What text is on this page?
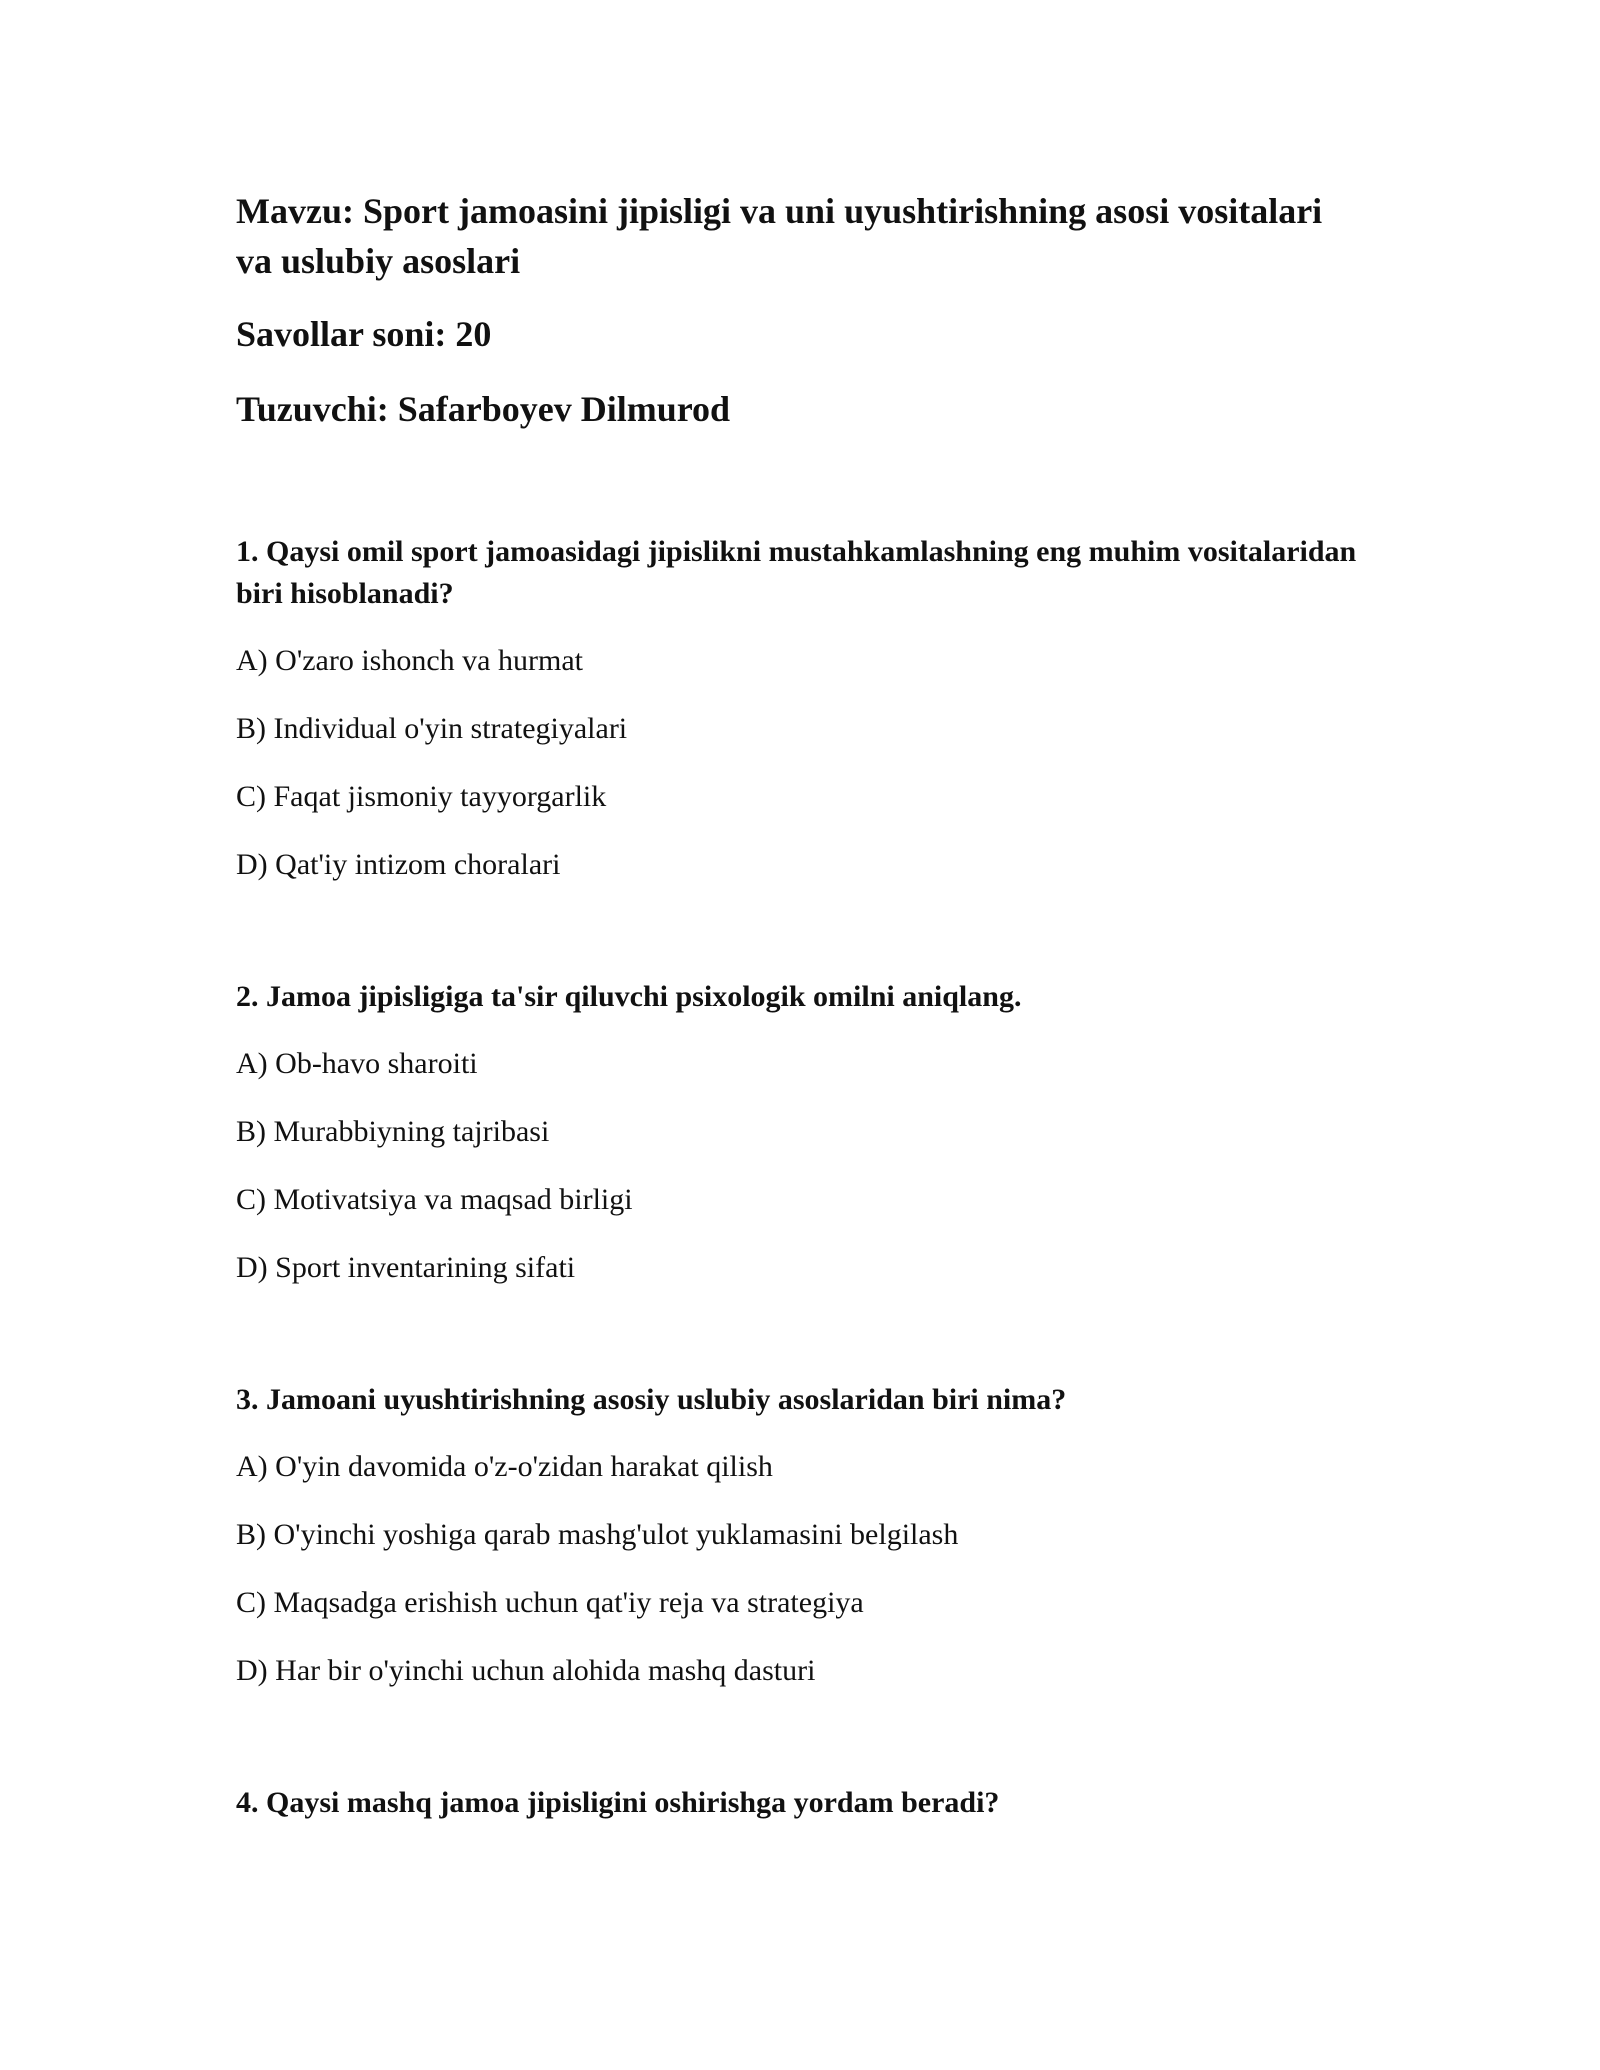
Mavzu: Sport jamoasini jipisligi va uni uyushtirishning asosi vositalari va uslubiy asoslari

Savollar soni: 20

Tuzuvchi: Safarboyev Dilmurod

1. Qaysi omil sport jamoasidagi jipislikni mustahkamlashning eng muhim vositalaridan biri hisoblanadi?

A) O'zaro ishonch va hurmat
B) Individual o'yin strategiyalari
C) Faqat jismoniy tayyorgarlik
D) Qat'iy intizom choralari

2. Jamoa jipisligiga ta'sir qiluvchi psixologik omilni aniqlang.

A) Ob-havo sharoiti
B) Murabbiyning tajribasi
C) Motivatsiya va maqsad birligi
D) Sport inventarining sifati

3. Jamoani uyushtirishning asosiy uslubiy asoslaridan biri nima?

A) O'yin davomida o'z-o'zidan harakat qilish
B) O'yinchi yoshiga qarab mashg'ulot yuklamasini belgilash
C) Maqsadga erishish uchun qat'iy reja va strategiya
D) Har bir o'yinchi uchun alohida mashq dasturi

4. Qaysi mashq jamoa jipisligini oshirishga yordam beradi?
